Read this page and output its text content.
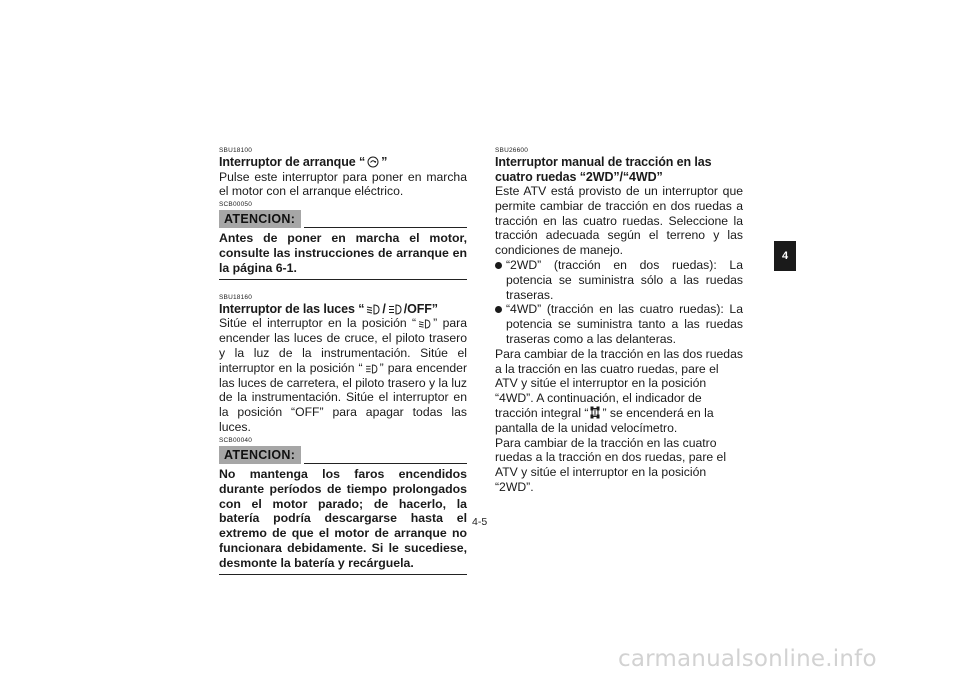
SBU18100
Interruptor de arranque “ ”

Pulse este interruptor para poner en marcha el motor con el arranque eléctrico.

SCB00050
ATENCION:

Antes de poner en marcha el motor, consulte las instrucciones de arranque en la página 6-1.

SBU18160
Interruptor de las luces “ / /OFF”

Sitúe el interruptor en la posición “ ” para encender las luces de cruce, el piloto trasero y la luz de la instrumentación. Sitúe el interruptor en la posición “ ” para encender las luces de carretera, el piloto trasero y la luz de la instrumentación. Sitúe el interruptor en la posición “OFF” para apagar todas las luces.

SCB00040
ATENCION:

No mantenga los faros encendidos durante períodos de tiempo prolongados con el motor parado; de hacerlo, la batería podría descargarse hasta el extremo de que el motor de arranque no funcionara debidamente. Si le sucediese, desmonte la batería y recárguela.

SBU26600
Interruptor manual de tracción en las cuatro ruedas “2WD”/“4WD”

Este ATV está provisto de un interruptor que permite cambiar de tracción en dos ruedas a tracción en las cuatro ruedas. Seleccione la tracción adecuada según el terreno y las condiciones de manejo.

“2WD” (tracción en dos ruedas): La potencia se suministra sólo a las ruedas traseras.
“4WD” (tracción en las cuatro ruedas): La potencia se suministra tanto a las ruedas traseras como a las delanteras.

Para cambiar de la tracción en las dos ruedas a la tracción en las cuatro ruedas, pare el ATV y sitúe el interruptor en la posición “4WD”. A continuación, el indicador de tracción integral “ ” se encenderá en la pantalla de la unidad velocímetro.

Para cambiar de la tracción en las cuatro ruedas a la tracción en dos ruedas, pare el ATV y sitúe el interruptor en la posición “2WD”.

4
4-5
carmanualsonline.info
